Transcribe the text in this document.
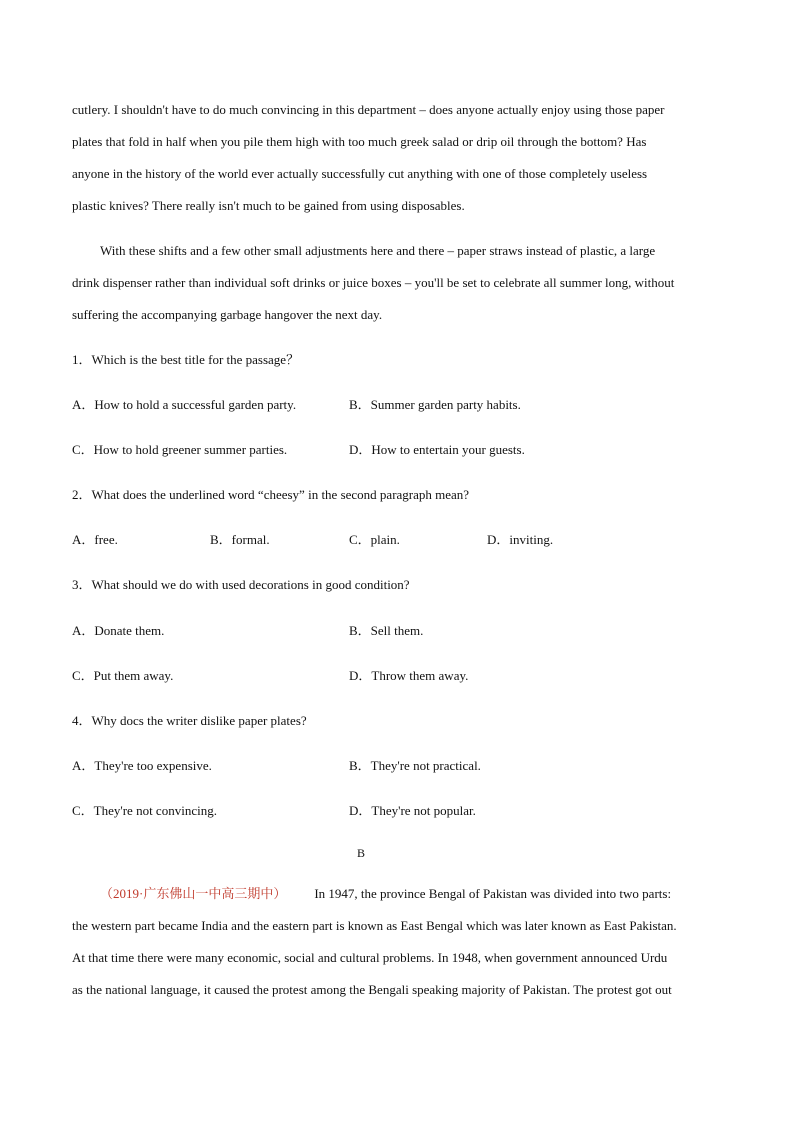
cutlery. I shouldn't have to do much convincing in this department – does anyone actually enjoy using those paper
plates that fold in half when you pile them high with too much greek salad or drip oil through the bottom? Has
anyone in the history of the world ever actually successfully cut anything with one of those completely useless
plastic knives? There really isn't much to be gained from using disposables.
With these shifts and a few other small adjustments here and there – paper straws instead of plastic, a large
drink dispenser rather than individual soft drinks or juice boxes – you'll be set to celebrate all summer long, without
suffering the accompanying garbage hangover the next day.
1．Which is the best title for the passage？
A．How to hold a successful garden party.	B．Summer garden party habits.
C．How to hold greener summer parties.	D．How to entertain your guests.
2．What does the underlined word “cheesy” in the second paragraph mean?
A．free.	B．formal.	C．plain.	D．inviting.
3．What should we do with used decorations in good condition?
A．Donate them.	B．Sell them.
C．Put them away.	D．Throw them away.
4．Why docs the writer dislike paper plates?
A．They're too expensive.	B．They're not practical.
C．They're not convincing.	D．They're not popular.
B
（2019·广东佛山一中高三期中） In 1947, the province Bengal of Pakistan was divided into two parts:
the western part became India and the eastern part is known as East Bengal which was later known as East Pakistan.
At that time there were many economic, social and cultural problems. In 1948, when government announced Urdu
as the national language, it caused the protest among the Bengali speaking majority of Pakistan. The protest got out
